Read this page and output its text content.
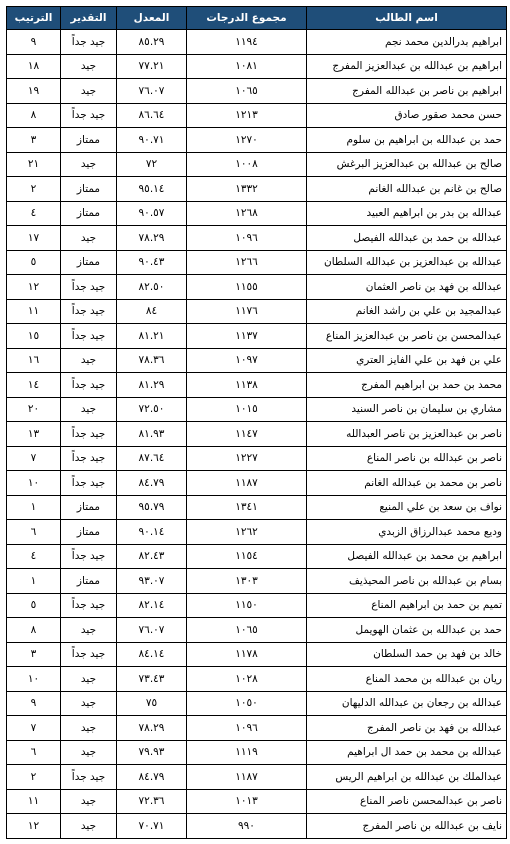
اسم الطالب	مجموع الدرجات	المعدل	التقدير	الترتيب
ابراهيم بدرالدين محمد نجم	١١٩٤	٨٥.٢٩	جيد جداً	٩
ابراهيم بن عبدالله بن عبدالعزيز المفرج	١٠٨١	٧٧.٢١	جيد	١٨
ابراهيم بن ناصر بن عبدالله المفرج	١٠٦٥	٧٦.٠٧	جيد	١٩
حسن محمد صقور صادق	١٢١٣	٨٦.٦٤	جيد جداً	٨
حمد بن عبدالله بن ابراهيم بن سلوم	١٢٧٠	٩٠.٧١	ممتاز	٣
صالح بن عبدالله بن عبدالعزيز البرغش	١٠٠٨	٧٢	جيد	٢١
صالح بن غانم بن عبدالله الغانم	١٣٣٢	٩٥.١٤	ممتاز	٢
عبدالله بن بدر بن ابراهيم العبيد	١٢٦٨	٩٠.٥٧	ممتاز	٤
عبدالله بن حمد بن عبدالله الفيصل	١٠٩٦	٧٨.٢٩	جيد	١٧
عبدالله بن عبدالعزيز بن عبدالله السلطان	١٢٦٦	٩٠.٤٣	ممتاز	٥
عبدالله بن فهد بن ناصر العثمان	١١٥٥	٨٢.٥٠	جيد جداً	١٢
عبدالمجيد بن علي بن راشد الغانم	١١٧٦	٨٤	جيد جداً	١١
عبدالمحسن بن ناصر بن عبدالعزيز المناع	١١٣٧	٨١.٢١	جيد جداً	١٥
علي بن فهد بن علي الفايز العتري	١٠٩٧	٧٨.٣٦	جيد	١٦
محمد بن حمد بن ابراهيم المفرج	١١٣٨	٨١.٢٩	جيد جداً	١٤
مشاري بن سليمان بن ناصر السنيد	١٠١٥	٧٢.٥٠	جيد	٢٠
ناصر بن عبدالعزيز بن ناصر العبدالله	١١٤٧	٨١.٩٣	جيد جداً	١٣
ناصر بن عبدالله بن ناصر المناع	١٢٢٧	٨٧.٦٤	جيد جداً	٧
ناصر بن محمد بن عبدالله الغانم	١١٨٧	٨٤.٧٩	جيد جداً	١٠
نواف بن سعد بن علي المنيع	١٣٤١	٩٥.٧٩	ممتاز	١
وديع محمد عبدالرزاق الزبدي	١٢٦٢	٩٠.١٤	ممتاز	٦
ابراهيم بن محمد بن عبدالله الفيصل	١١٥٤	٨٢.٤٣	جيد جداً	٤
بسام بن عبدالله بن ناصر المحيذيف	١٣٠٣	٩٣.٠٧	ممتاز	١
تميم بن حمد بن ابراهيم المناع	١١٥٠	٨٢.١٤	جيد جداً	٥
حمد بن عبدالله بن عثمان الهويمل	١٠٦٥	٧٦.٠٧	جيد	٨
خالد بن فهد بن حمد السلطان	١١٧٨	٨٤.١٤	جيد جداً	٣
ريان بن عبدالله بن محمد المناع	١٠٢٨	٧٣.٤٣	جيد	١٠
عبدالله بن رجعان بن عبدالله الدليهان	١٠٥٠	٧٥	جيد	٩
عبدالله بن فهد بن ناصر المفرج	١٠٩٦	٧٨.٢٩	جيد	٧
عبدالله بن محمد بن حمد ال ابراهيم	١١١٩	٧٩.٩٣	جيد	٦
عبدالملك بن عبدالله بن ابراهيم الريس	١١٨٧	٨٤.٧٩	جيد جداً	٢
ناصر بن عبدالمحسن ناصر المناع	١٠١٣	٧٢.٣٦	جيد	١١
نايف بن عبدالله بن ناصر المفرج	٩٩٠	٧٠.٧١	جيد	١٢
